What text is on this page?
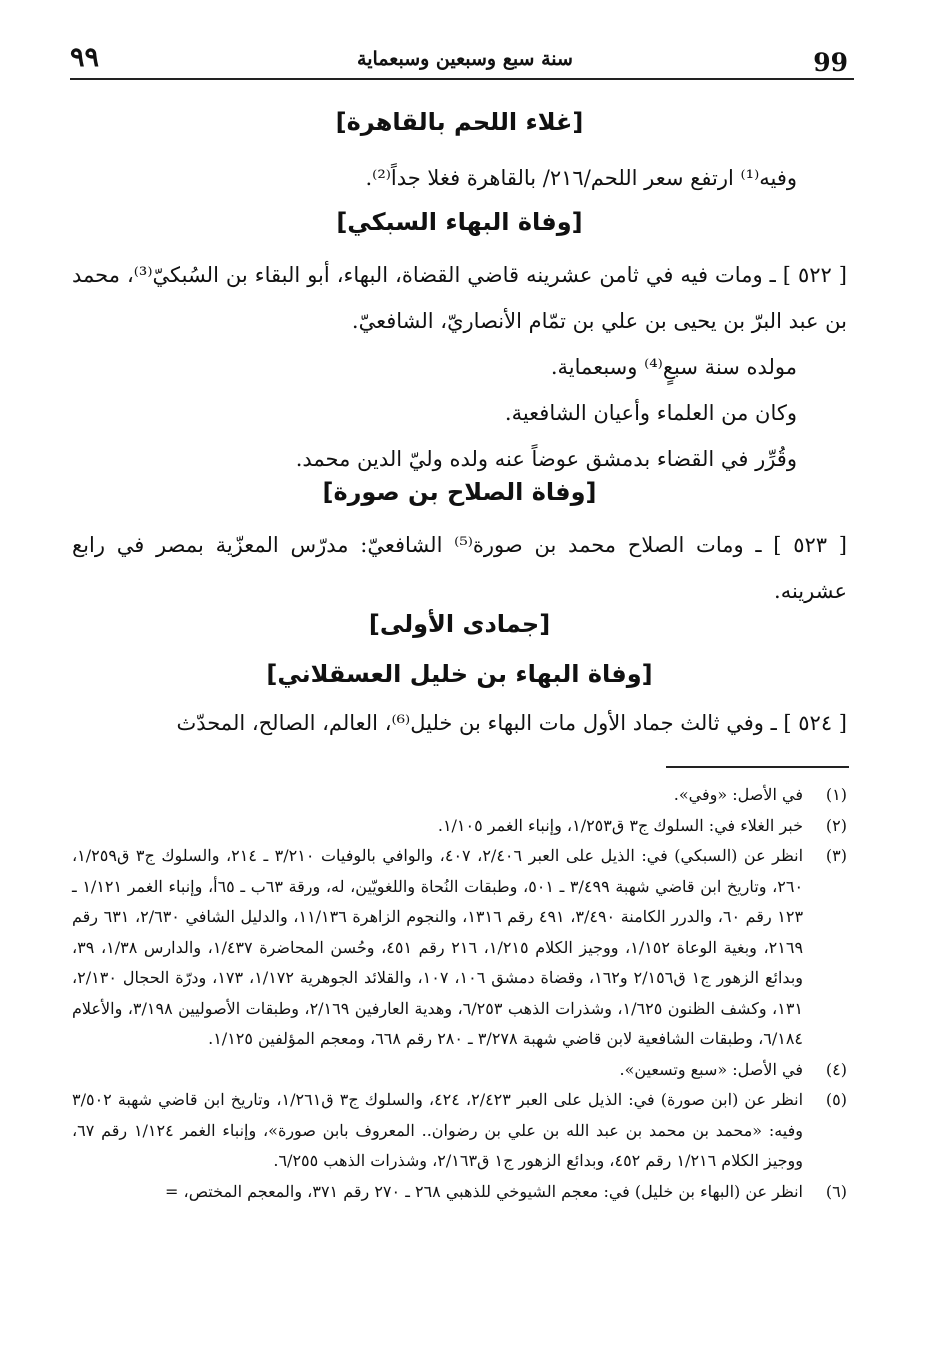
٩٩	سنة سبع وسبعين وسبعماية	99
[غلاء اللحم بالقاهرة]

وفيه⁽¹⁾ ارتفع سعر اللحم/٢١٦/ بالقاهرة فغلا جداً⁽²⁾.

[وفاة البهاء السبكي]

[ ٥٢٢ ] ـ ومات فيه في ثامن عشرينه قاضي القضاة، البهاء، أبو البقاء بن السُبكيّ⁽³⁾، محمد بن عبد البرّ بن يحيى بن علي بن تمّام الأنصاريّ، الشافعيّ.

مولده سنة سبعٍ⁽⁴⁾ وسبعماية.

وكان من العلماء وأعيان الشافعية.

وقُرِّر في القضاء بدمشق عوضاً عنه ولده وليّ الدين محمد.

[وفاة الصلاح بن صورة]

[ ٥٢٣ ] ـ ومات الصلاح محمد بن صورة⁽⁵⁾ الشافعيّ: مدرّس المعزّية بمصر في رابع عشرينه.

[جمادى الأولى]
[وفاة البهاء بن خليل العسقلاني]

[ ٥٢٤ ] ـ وفي ثالث جماد الأول مات البهاء بن خليل⁽⁶⁾، العالم، الصالح، المحدّث

(١)
في الأصل: «وفي».
(٢)
خبر الغلاء في: السلوك ج٣ ق١/٢٥٣، وإنباء الغمر ١/١٠٥.
(٣)
انظر عن (السبكي) في: الذيل على العبر ٢/٤٠٦، ٤٠٧، والوافي بالوفيات ٣/٢١٠ ـ ٢١٤، والسلوك ج٣ ق١/٢٥٩، ٢٦٠، وتاريخ ابن قاضي شهبة ٣/٤٩٩ ـ ٥٠١، وطبقات النُحاة واللغويّين، له، ورقة ٦٣ب ـ ٦٥أ، وإنباء الغمر ١/١٢١ ـ ١٢٣ رقم ٦٠، والدرر الكامنة ٣/٤٩٠، ٤٩١ رقم ١٣١٦، والنجوم الزاهرة ١١/١٣٦، والدليل الشافي ٢/٦٣٠، ٦٣١ رقم ٢١٦٩، وبغية الوعاة ١/١٥٢، ووجيز الكلام ١/٢١٥، ٢١٦ رقم ٤٥١، وحُسن المحاضرة ١/٤٣٧، والدارس ١/٣٨، ٣٩، وبدائع الزهور ج١ ق٢/١٥٦ و١٦٢، وقضاة دمشق ١٠٦، ١٠٧، والقلائد الجوهرية ١/١٧٢، ١٧٣، ودرّة الحجال ٢/١٣٠، ١٣١، وكشف الظنون ١/٦٢٥، وشذرات الذهب ٦/٢٥٣، وهدية العارفين ٢/١٦٩، وطبقات الأصوليين ٣/١٩٨، والأعلام ٦/١٨٤، وطبقات الشافعية لابن قاضي شهبة ٣/٢٧٨ ـ ٢٨٠ رقم ٦٦٨، ومعجم المؤلفين ١/١٢٥.
(٤)
في الأصل: «سبع وتسعين».
(٥)
انظر عن (ابن صورة) في: الذيل على العبر ٢/٤٢٣، ٤٢٤، والسلوك ج٣ ق١/٢٦١، وتاريخ ابن قاضي شهبة ٣/٥٠٢ وفيه: «محمد بن محمد بن عبد الله بن علي بن رضوان.. المعروف بابن صورة»، وإنباء الغمر ١/١٢٤ رقم ٦٧، ووجيز الكلام ١/٢١٦ رقم ٤٥٢، وبدائع الزهور ج١ ق٢/١٦٣، وشذرات الذهب ٦/٢٥٥.
(٦)
انظر عن (البهاء بن خليل) في: معجم الشيوخي للذهبي ٢٦٨ ـ ٢٧٠ رقم ٣٧١، والمعجم المختص، =
